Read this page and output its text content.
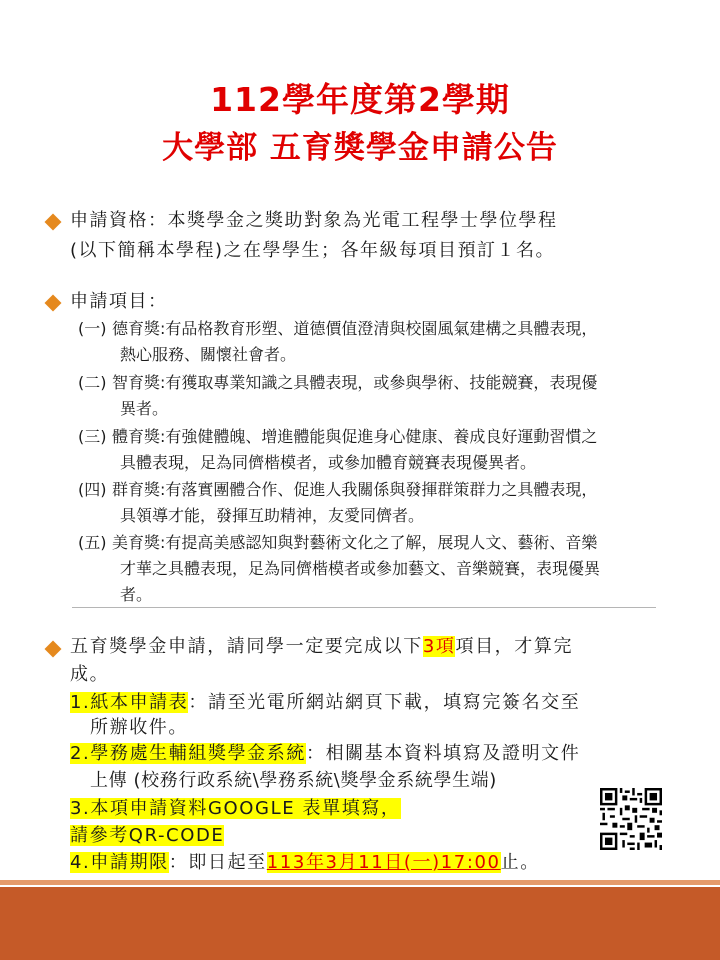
112學年度第2學期
大學部 五育獎學金申請公告
申請資格：本獎學金之獎助對象為光電工程學士學位學程
(以下簡稱本學程)之在學學生；各年級每項目預訂１名。
申請項目：
(一) 德育獎:有品格教育形塑、道德價值澄清與校園風氣建構之具體表現，
熱心服務、關懷社會者。
(二) 智育獎:有獲取專業知識之具體表現，或參與學術、技能競賽，表現優
異者。
(三) 體育獎:有強健體魄、增進體能與促進身心健康、養成良好運動習慣之
具體表現，足為同儕楷模者，或參加體育競賽表現優異者。
(四) 群育獎:有落實團體合作、促進人我關係與發揮群策群力之具體表現，
具領導才能，發揮互助精神，友愛同儕者。
(五) 美育獎:有提高美感認知與對藝術文化之了解，展現人文、藝術、音樂
才華之具體表現，足為同儕楷模者或參加藝文、音樂競賽，表現優異
者。
五育獎學金申請，請同學一定要完成以下3項項目，才算完
成。
1.紙本申請表：請至光電所網站網頁下載，填寫完簽名交至
所辦收件。
2.學務處生輔組獎學金系統：相關基本資料填寫及證明文件
上傳 (校務行政系統\學務系統\獎學金系統學生端)
3.本項申請資料GOOGLE 表單填寫，
請參考QR-CODE
4.申請期限：即日起至113年3月11日(一)17:00止。
